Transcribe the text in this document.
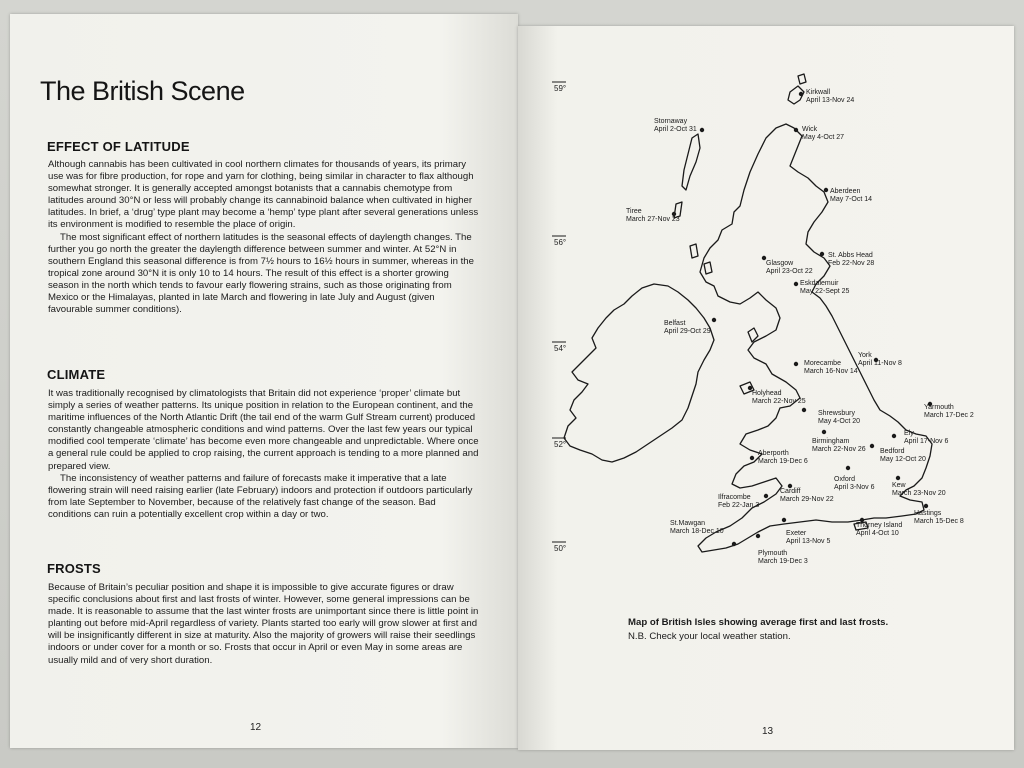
The British Scene
EFFECT OF LATITUDE

Although cannabis has been cultivated in cool northern climates for thousands of years, its primary use was for fibre production, for rope and yarn for clothing, being similar in character to flax although somewhat stronger. It is generally accepted amongst botanists that a cannabis chemotype from latitudes around 30°N or less will probably change its cannabinoid balance when cultivated in higher latitudes. In brief, a ‘drug’ type plant may become a ‘hemp’ type plant after several generations unless its environment is modified to resemble the place of origin.

The most significant effect of northern latitudes is the seasonal effects of daylength changes. The further you go north the greater the daylength difference between summer and winter. At 52°N in southern England this seasonal difference is from 7½ hours to 16½ hours in summer, whereas in the tropical zone around 30°N it is only 10 to 14 hours. The result of this effect is a shorter growing season in the north which tends to favour early flowering strains, such as those originating from Mexico or the Himalayas, planted in late March and flowering in late July and August (given favourable summer conditions).

CLIMATE

It was traditionally recognised by climatologists that Britain did not experience ‘proper’ climate but simply a series of weather patterns. Its unique position in relation to the European continent, and the maritime influences of the North Atlantic Drift (the tail end of the warm Gulf Stream current) produced constantly changeable atmospheric conditions and wind patterns. Over the last few years our typical modified cool temperate ‘climate’ has become even more changeable and unpredictable. Where once a general rule could be applied to crop raising, the current approach is tending to a more planned and prepared view.

The inconsistency of weather patterns and failure of forecasts make it imperative that a late flowering strain will need raising earlier (late February) indoors and protection if outdoors particularly from late September to November, because of the relatively fast change of the season. Bad conditions can ruin a potentially excellent crop within a day or two.

FROSTS

Because of Britain’s peculiar position and shape it is impossible to give accurate figures or draw specific conclusions about first and last frosts of winter. However, some general impressions can be made. It is reasonable to assume that the last winter frosts are unimportant since there is little point in planting out before mid-April regardless of variety. Plants started too early will grow slower at first and will be insignificantly different in size at maturity. Also the majority of growers will raise their seedlings indoors or under cover for a month or so. Frosts that occur in April or even May in some areas are usually mild and of very short duration.

12
59°
56°
54°
52°
50°
Kirkwall
April 13-Nov 24
Stornaway
April 2-Oct 31	Wick
May 4-Oct 27
Aberdeen
May 7-Oct 14
Tiree
March 27-Nov 23
St. Abbs Head
Feb 22-Nov 28
Glasgow
April 23-Oct 22
Eskdalemuir
May 22-Sept 25
Belfast
April 29-Oct 29
York
April 11-Nov 8
Morecambe
March 16-Nov 14
Holyhead
March 22-Nov 25
Yarmouth
March 17-Dec 2
Shrewsbury
May 4-Oct 20
Ely
April 17-Nov 6
Birmingham
March 22-Nov 26 Bedford
May 12-Oct 20
Aberporth
March 19-Dec 6
Oxford
April 3-Nov 6	Kew
March 23-Nov 20
Ilfracombe
Feb 22-Jan 3
Cardiff
March 29-Nov 22
Thorney Island
April 4-Oct 10
Hastings
March 15-Dec 8
St.Mawgan
March 18-Dec 10	Exeter
April 13-Nov 5
Plymouth
March 19-Dec 3
Map of British Isles showing average first and last frosts.
N.B. Check your local weather station.
13
